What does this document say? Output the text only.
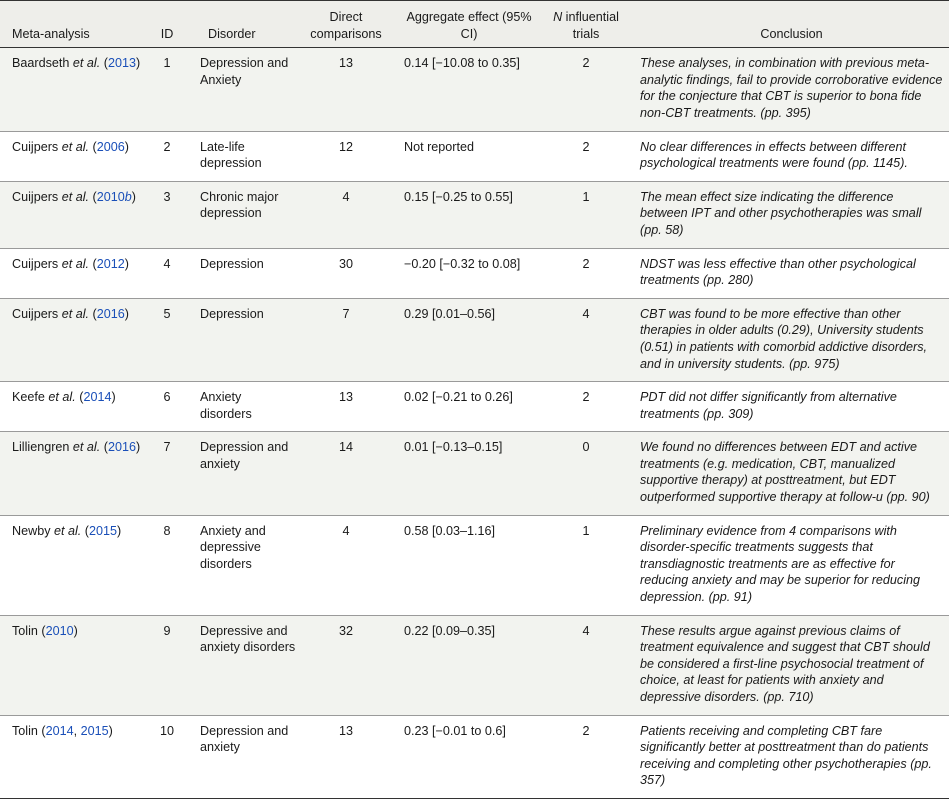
Meta-analysis	ID	Disorder	Direct comparisons	Aggregate effect (95% CI)	N influential trials	Conclusion
Baardseth et al. (2013)	1	Depression and Anxiety	13	0.14 [−10.08 to 0.35]	2	These analyses, in combination with previous meta-analytic findings, fail to provide corroborative evidence for the conjecture that CBT is superior to bona fide non-CBT treatments. (pp. 395)
Cuijpers et al. (2006)	2	Late-life depression	12	Not reported	2	No clear differences in effects between different psychological treatments were found (pp. 1145).
Cuijpers et al. (2010b)	3	Chronic major depression	4	0.15 [−0.25 to 0.55]	1	The mean effect size indicating the difference between IPT and other psychotherapies was small (pp. 58)
Cuijpers et al. (2012)	4	Depression	30	−0.20 [−0.32 to 0.08]	2	NDST was less effective than other psychological treatments (pp. 280)
Cuijpers et al. (2016)	5	Depression	7	0.29 [0.01–0.56]	4	CBT was found to be more effective than other therapies in older adults (0.29), University students (0.51) in patients with comorbid addictive disorders, and in university students. (pp. 975)
Keefe et al. (2014)	6	Anxiety disorders	13	0.02 [−0.21 to 0.26]	2	PDT did not differ significantly from alternative treatments (pp. 309)
Lilliengren et al. (2016)	7	Depression and anxiety	14	0.01 [−0.13–0.15]	0	We found no differences between EDT and active treatments (e.g. medication, CBT, manualized supportive therapy) at posttreatment, but EDT outperformed supportive therapy at follow-u (pp. 90)
Newby et al. (2015)	8	Anxiety and depressive disorders	4	0.58 [0.03–1.16]	1	Preliminary evidence from 4 comparisons with disorder-specific treatments suggests that transdiagnostic treatments are as effective for reducing anxiety and may be superior for reducing depression. (pp. 91)
Tolin (2010)	9	Depressive and anxiety disorders	32	0.22 [0.09–0.35]	4	These results argue against previous claims of treatment equivalence and suggest that CBT should be considered a first-line psychosocial treatment of choice, at least for patients with anxiety and depressive disorders. (pp. 710)
Tolin (2014, 2015)	10	Depression and anxiety	13	0.23 [−0.01 to 0.6]	2	Patients receiving and completing CBT fare significantly better at posttreatment than do patients receiving and completing other psychotherapies (pp. 357)
